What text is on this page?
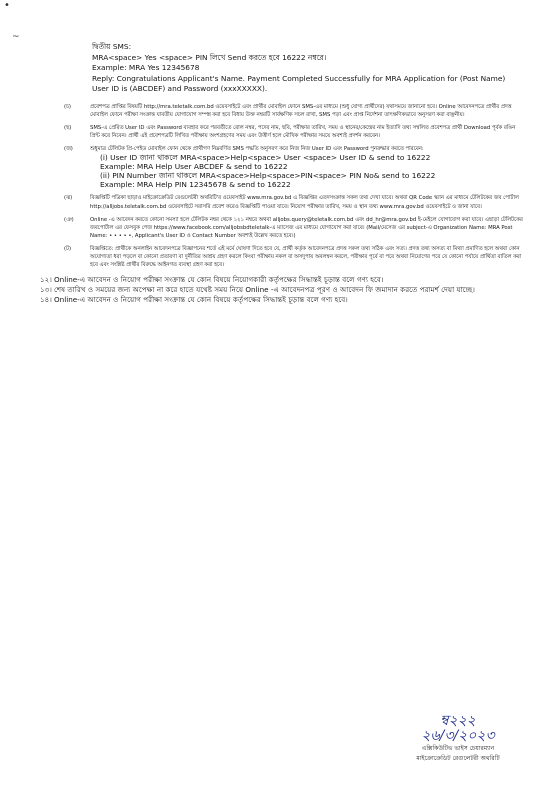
•
~
দ্বিতীয় SMS:
MRA<space> Yes <space> PIN লিখে Send করতে হবে 16222 নম্বরে।
Example: MRA Yes 12345678
Reply: Congratulations Applicant's Name. Payment Completed Successfully for MRA Application for (Post Name) User ID is (ABCDEF) and Password (xxxXXXXX).
(চ)	প্রবেশপত্র প্রাপ্তির বিষয়টি http://mra.teletalk.com.bd ওয়েবসাইটে এবং প্রার্থীর মোবাইল ফোনে SMS-এর মাধ্যমে (শুধু যোগ্য প্রার্থীদের) যথাসময়ে জানানো হবে। Online আবেদনপত্রে প্রার্থীর প্রদত্ত মোবাইল ফোনে পরীক্ষা সংক্রান্ত যাবতীয় যোগাযোগ সম্পন্ন করা হবে বিধায় উক্ত নম্বরটি সার্বক্ষণিক সচল রাখা, SMS পড়া এবং প্রাপ্ত নির্দেশনা তাৎক্ষণিকভাবে অনুসরণ করা বাঞ্ছনীয়।
(ছ)	SMS-এ প্রেরিত User ID এবং Password ব্যবহার করে পরবর্তীতে রোল নম্বর, পদের নাম, ছবি, পরীক্ষার তারিখ, সময় ও স্থানের/কেন্দ্রের নাম ইত্যাদি তথ্য সম্বলিত প্রবেশপত্র প্রার্থী Download পূর্বক রঙিন প্রিন্ট করে নিবেন। প্রার্থী এই প্রবেশপত্রটি লিখিত পরীক্ষায় অংশগ্রহণের সময় এবং উত্তীর্ণ হলে মৌখিক পরীক্ষার সময়ে অবশ্যই প্রদর্শন করবেন।
(জ)	শুধুমাত্র টেলিটক প্রি-পেইড মোবাইল ফোন থেকে প্রার্থীগণ নিম্নবর্ণিত SMS পদ্ধতি অনুসরণ করে নিজ নিজ User ID এবং Password পুনরুদ্ধার করতে পারবেন:
(i) User ID জানা থাকলে MRA<space>Help<space> User <space> User ID & send to 16222
Example: MRA Help User ABCDEF & send to 16222
(ii) PIN Number জানা থাকলে MRA<space>Help<space>PIN<space> PIN No& send to 16222
Example: MRA Help PIN 12345678 & send to 16222
(ঝ)	বিজ্ঞপ্তিটি পত্রিকা ছাড়াও মাইক্রোক্রেডিট রেগুলেটরী অথরিটি'র ওয়েবসাইট www.mra.gov.bd এ বিজ্ঞপ্তির এতদসংক্রান্ত সকল তথ্য দেখা যাবে। অথবা QR Code স্ক্যান এর মাধ্যমে টেলিটকের জব পোর্টাল http://alljobs.teletalk.com.bd ওয়েবসাইটে সরাসরি প্রবেশ করেও বিজ্ঞপ্তিটি পাওয়া যাবে। নিয়োগ পরীক্ষার তারিখ, সময় ও স্থান তথ্য www.mra.gov.bd ওয়েবসাইটে ও জানা যাবে।
(ঞ)	Online -এ আবেদন করতে কোনো সমস্যা হলে টেলিটক নম্বর থেকে ১২১ নম্বরে অথবা alljobs.query@teletalk.com.bd এবং dd_hr@mra.gov.bd ই-মেইলে যোগাযোগ করা যাবে। এছাড়া টেলিটকের জবপোর্টাল এর ফেসবুক পেজ https://www.facebook.com/alljobsbdteletalk-এ ম্যাসেজ এর মাধ্যমে যোগাযোগ করা যাবে। (Mail/মেসেজ এর subject-এ Organization Name: MRA Post Name: • • • • •, Applicant's User ID ও Contact Number অবশ্যই উল্লেখ করতে হবে।)
(ট)	বিজ্ঞপ্তিতে: প্রার্থীকে অনলাইন আবেদনপত্রে বিজ্ঞাপনের শর্তে এই মর্মে ঘোষণা দিতে হবে যে, প্রার্থী কর্তৃক আবেদনপত্রে প্রদত্ত সকল তথ্য সঠিক এবং সত্য। প্রদত্ত তথ্য অসত্য বা মিথ্যা প্রমাণিত হলে অথবা কোন অযোগ্যতা ধরা পড়লে বা কোনো প্রতারণা বা দুর্নীতির আশ্রয় গ্রহণ করলে কিংবা পরীক্ষায় নকল বা অসদুপায় অবলম্বন করলে, পরীক্ষার পূর্বে বা পরে অথবা নিয়োগের পরে যে কোনো পর্যায়ে প্রার্থিতা বাতিল করা হবে এবং সংশ্লিষ্ট প্রার্থীর বিরুদ্ধে আইনগত ব্যবস্থা গ্রহণ করা হবে।
১২। Online-এ আবেদন ও নিয়োগ পরীক্ষা সংক্রান্ত যে কোন বিষয়ে নিয়োগকারী কর্তৃপক্ষের সিদ্ধান্তই চূড়ান্ত বলে গণ্য হবে।
১৩। শেষ তারিখ ও সময়ের জন্য অপেক্ষা না করে হাতে যথেষ্ট সময় নিয়ে Online -এ আবেদনপত্র পূরণ ও আবেদন ফি জমাদান করতে পরামর্শ দেয়া যাচ্ছে।
১৪। Online-এ আবেদন ও নিয়োগ পরীক্ষা সংক্রান্ত যে কোন বিষয়ে কর্তৃপক্ষের সিদ্ধান্তই চূড়ান্ত বলে গণ্য হবে।
ম্ব২২২
২৬/৩/২০২৩
এক্সিকিউটিভ ভাইস চেয়ারম্যান
মাইক্রোক্রেডিট রেগুলেটরী অথরিটি
